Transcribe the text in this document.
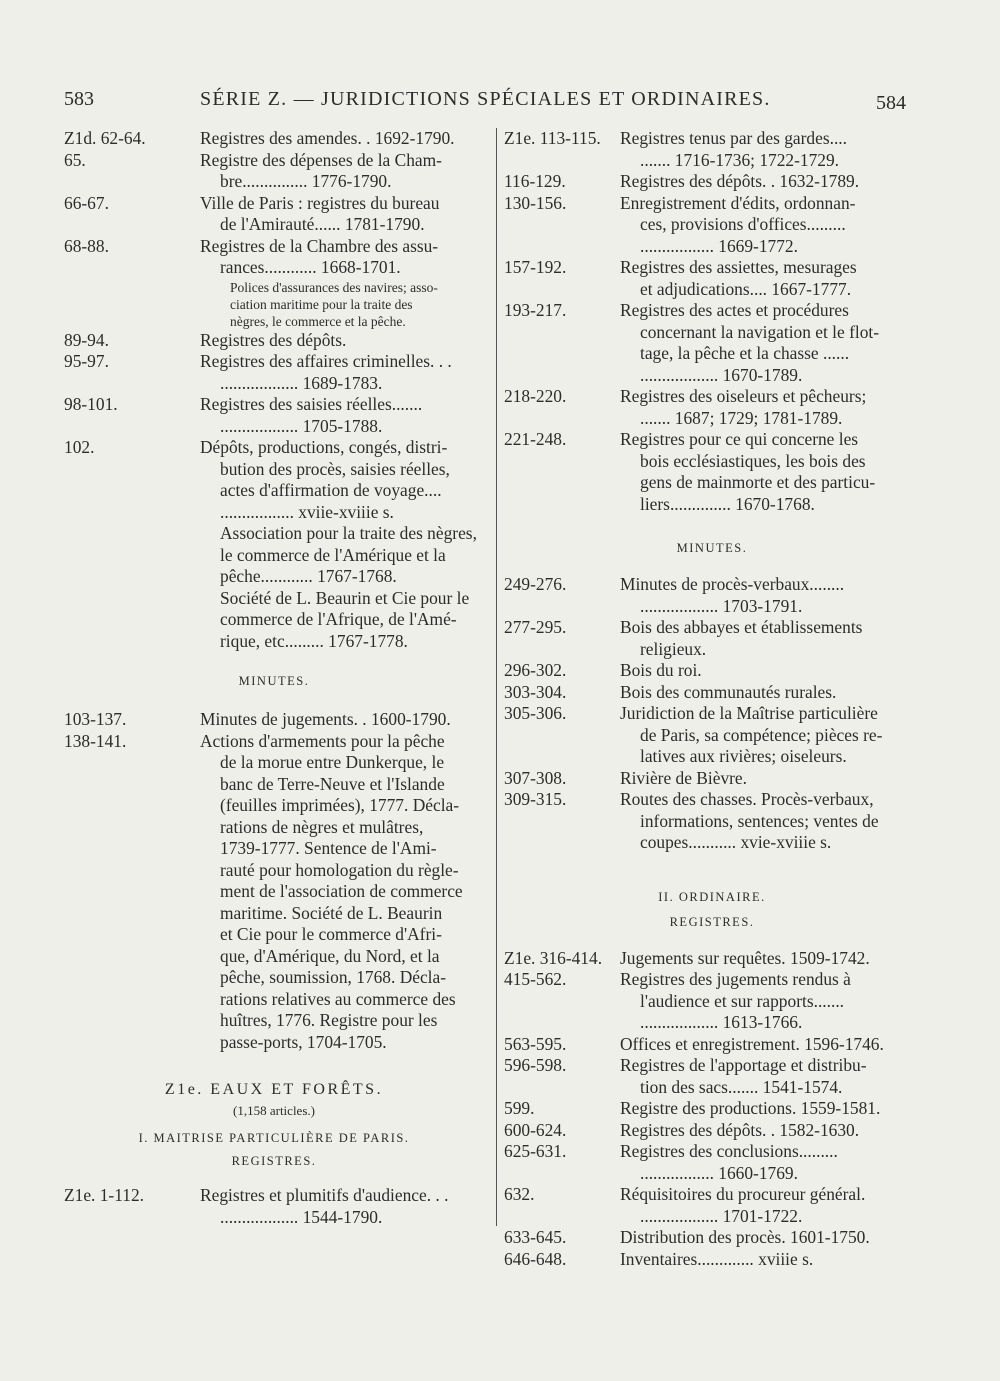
583	SÉRIE Z. — JURIDICTIONS SPÉCIALES ET ORDINAIRES.	584
Z1d. 62-64.	Registres des amendes. . 1692-1790.
65.	Registre des dépenses de la Cham-
bre............... 1776-1790.
66-67.	Ville de Paris : registres du bureau
de l'Amirauté...... 1781-1790.
68-88.	Registres de la Chambre des assu-
rances............ 1668-1701.
Polices d'assurances des navires; asso-
ciation maritime pour la traite des
nègres, le commerce et la pêche.
89-94.	Registres des dépôts.
95-97.	Registres des affaires criminelles. . .
.................. 1689-1783.
98-101.	Registres des saisies réelles.......
.................. 1705-1788.
102.	Dépôts, productions, congés, distri-
bution des procès, saisies réelles,
actes d'affirmation de voyage....
................. xviie-xviiie s.
Association pour la traite des nègres,
le commerce de l'Amérique et la
pêche............ 1767-1768.
Société de L. Beaurin et Cie pour le
commerce de l'Afrique, de l'Amé-
rique, etc......... 1767-1778.
MINUTES.
103-137.	Minutes de jugements. . 1600-1790.
138-141.	Actions d'armements pour la pêche
de la morue entre Dunkerque, le
banc de Terre-Neuve et l'Islande
(feuilles imprimées), 1777. Décla-
rations de nègres et mulâtres,
1739-1777. Sentence de l'Ami-
rauté pour homologation du règle-
ment de l'association de commerce
maritime. Société de L. Beaurin
et Cie pour le commerce d'Afri-
que, d'Amérique, du Nord, et la
pêche, soumission, 1768. Décla-
rations relatives au commerce des
huîtres, 1776. Registre pour les
passe-ports, 1704-1705.
Z1e. EAUX ET FORÊTS.
(1,158 articles.)
I. MAITRISE PARTICULIÈRE DE PARIS.
REGISTRES.
Z1e. 1-112.	Registres et plumitifs d'audience. . .
.................. 1544-1790.
Z1e. 113-115. Registres tenus par des gardes....
....... 1716-1736; 1722-1729.
116-129.	Registres des dépôts. . 1632-1789.
130-156.	Enregistrement d'édits, ordonnan-
ces, provisions d'offices.........
................. 1669-1772.
157-192.	Registres des assiettes, mesurages
et adjudications.... 1667-1777.
193-217.	Registres des actes et procédures
concernant la navigation et le flot-
tage, la pêche et la chasse ......
.................. 1670-1789.
218-220.	Registres des oiseleurs et pêcheurs;
....... 1687; 1729; 1781-1789.
221-248.	Registres pour ce qui concerne les
bois ecclésiastiques, les bois des
gens de mainmorte et des particu-
liers.............. 1670-1768.
MINUTES.
249-276.	Minutes de procès-verbaux........
.................. 1703-1791.
277-295.	Bois des abbayes et établissements
religieux.
296-302.	Bois du roi.
303-304.	Bois des communautés rurales.
305-306.	Juridiction de la Maîtrise particulière
de Paris, sa compétence; pièces re-
latives aux rivières; oiseleurs.
307-308.	Rivière de Bièvre.
309-315.	Routes des chasses. Procès-verbaux,
informations, sentences; ventes de
coupes........... xvie-xviiie s.
II. ORDINAIRE.
REGISTRES.
Z1e. 316-414. Jugements sur requêtes. 1509-1742.
415-562.	Registres des jugements rendus à
l'audience et sur rapports.......
.................. 1613-1766.
563-595.	Offices et enregistrement. 1596-1746.
596-598.	Registres de l'apportage et distribu-
tion des sacs....... 1541-1574.
599.	Registre des productions. 1559-1581.
600-624.	Registres des dépôts. . 1582-1630.
625-631.	Registres des conclusions.........
................. 1660-1769.
632.	Réquisitoires du procureur général.
.................. 1701-1722.
633-645.	Distribution des procès. 1601-1750.
646-648.	Inventaires............. xviiie s.
